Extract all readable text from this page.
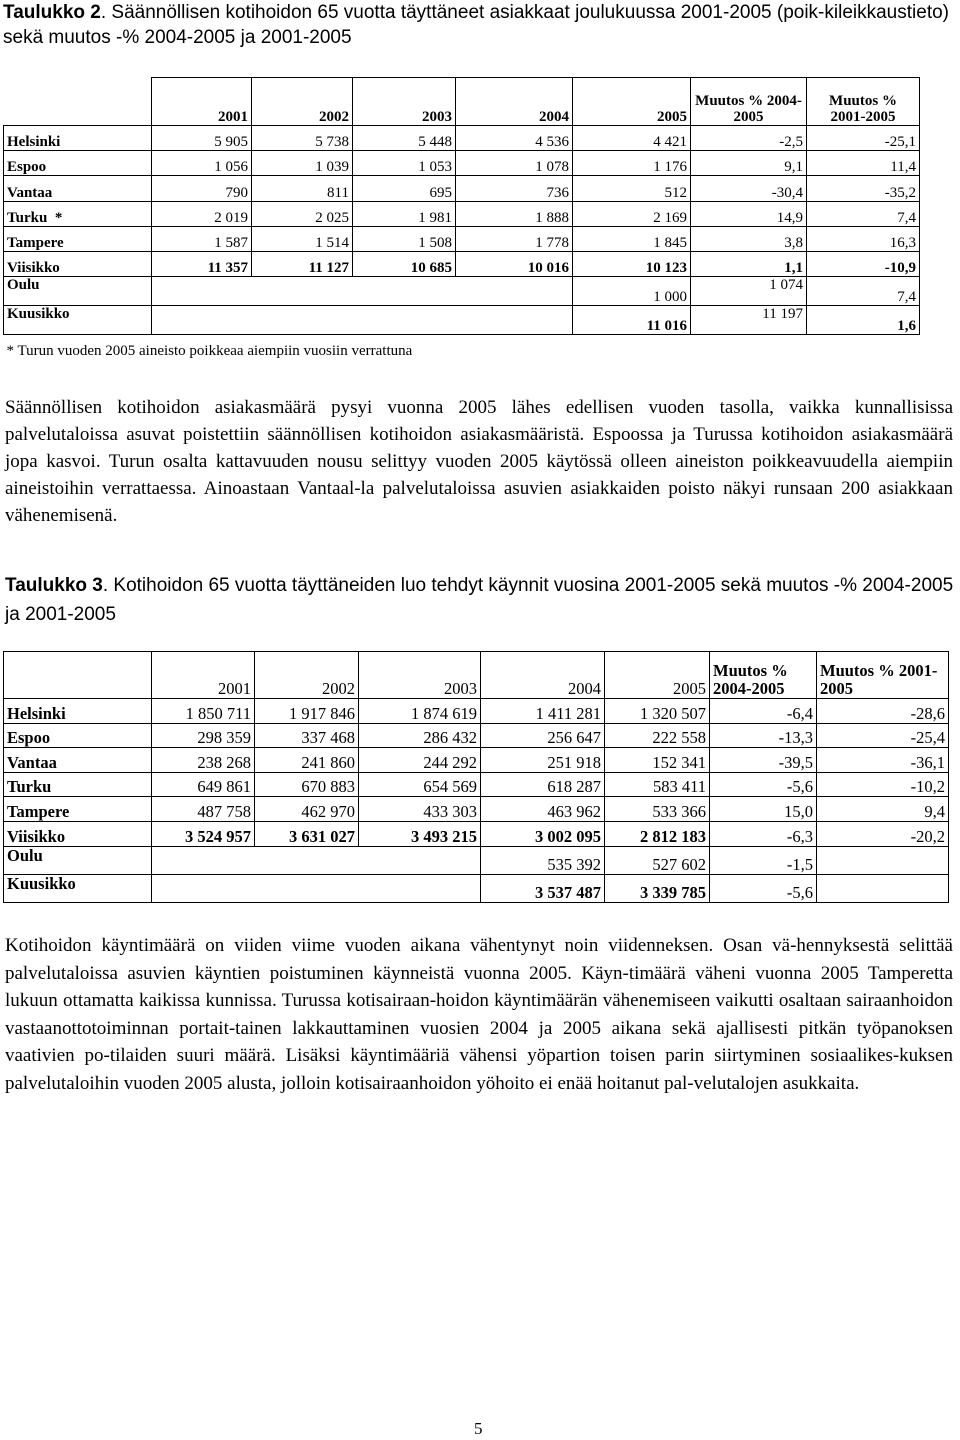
Taulukko 2. Säännöllisen kotihoidon 65 vuotta täyttäneet asiakkaat joulukuussa 2001-2005 (poik-kileikkaustieto) sekä muutos -% 2004-2005 ja 2001-2005
	2001	2002	2003	2004	2005	Muutos % 2004-2005	Muutos % 2001-2005
Helsinki	5 905	5 738	5 448	4 536	4 421	-2,5	-25,1
Espoo	1 056	1 039	1 053	1 078	1 176	9,1	11,4
Vantaa	790	811	695	736	512	-30,4	-35,2
Turku  *	2 019	2 025	1 981	1 888	2 169	14,9	7,4
Tampere	1 587	1 514	1 508	1 778	1 845	3,8	16,3
Viisikko	11 357	11 127	10 685	10 016	10 123	1,1	-10,9
Oulu					1 000	1 074	7,4
Kuusikko					11 016	11 197	1,6
* Turun vuoden 2005 aineisto poikkeaa aiempiin vuosiin verrattuna							
Säännöllisen kotihoidon asiakasmäärä pysyi vuonna 2005 lähes edellisen vuoden tasolla, vaikka kunnallisissa palvelutaloissa asuvat poistettiin säännöllisen kotihoidon asiakasmääristä. Espoossa ja Turussa kotihoidon asiakasmäärä jopa kasvoi. Turun osalta kattavuuden nousu selittyy vuoden 2005 käytössä olleen aineiston poikkeavuudella aiempiin aineistoihin verrattaessa. Ainoastaan Vantaal-la palvelutaloissa asuvien asiakkaiden poisto näkyi runsaan 200 asiakkaan vähenemisenä.
Taulukko 3. Kotihoidon 65 vuotta täyttäneiden luo tehdyt käynnit vuosina 2001-2005 sekä muutos -% 2004-2005 ja 2001-2005
	2001	2002	2003	2004	2005	Muutos % 2004-2005	Muutos % 2001-2005
Helsinki	1 850 711	1 917 846	1 874 619	1 411 281	1 320 507	-6,4	-28,6
Espoo	298 359	337 468	286 432	256 647	222 558	-13,3	-25,4
Vantaa	238 268	241 860	244 292	251 918	152 341	-39,5	-36,1
Turku	649 861	670 883	654 569	618 287	583 411	-5,6	-10,2
Tampere	487 758	462 970	433 303	463 962	533 366	15,0	9,4
Viisikko	3 524 957	3 631 027	3 493 215	3 002 095	2 812 183	-6,3	-20,2
Oulu				535 392	527 602	-1,5	
Kuusikko				3 537 487	3 339 785	-5,6	
Kotihoidon käyntimäärä on viiden viime vuoden aikana vähentynyt noin viidenneksen. Osan vä-hennyksestä selittää palvelutaloissa asuvien käyntien poistuminen käynneistä vuonna 2005. Käyn-timäärä väheni vuonna 2005 Tamperetta lukuun ottamatta kaikissa kunnissa. Turussa kotisairaan-hoidon käyntimäärän vähenemiseen vaikutti osaltaan sairaanhoidon vastaanottotoiminnan portait-tainen lakkauttaminen vuosien 2004 ja 2005 aikana sekä ajallisesti pitkän työpanoksen vaativien po-tilaiden suuri määrä. Lisäksi käyntimääriä vähensi yöpartion toisen parin siirtyminen sosiaalikes-kuksen palvelutaloihin vuoden 2005 alusta, jolloin kotisairaanhoidon yöhoito ei enää hoitanut pal-velutalojen asukkaita.
5
